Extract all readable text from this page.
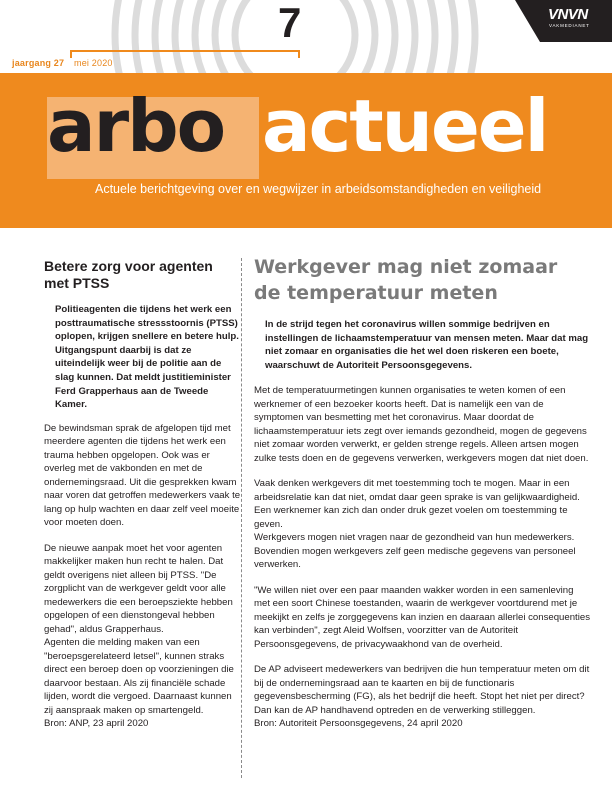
7
jaargang 27 mei 2020
arbo actueel
Actuele berichtgeving over en wegwijzer in arbeidsomstandigheden en veiligheid
VNVN
VAKMEDIANET
Betere zorg voor agenten met PTSS
Politieagenten die tijdens het werk een posttraumatische stressstoornis (PTSS) oplopen, krijgen snellere en betere hulp. Uitgangspunt daarbij is dat ze uiteindelijk weer bij de politie aan de slag kunnen. Dat meldt justitieminister Ferd Grapperhaus aan de Tweede Kamer.
De bewindsman sprak de afgelopen tijd met meerdere agenten die tijdens het werk een trauma hebben opgelopen. Ook was er overleg met de vakbonden en met de ondernemingsraad. Uit die gesprekken kwam naar voren dat getroffen medewerkers vaak te lang op hulp wachten en daar zelf veel moeite voor moeten doen.
De nieuwe aanpak moet het voor agenten makkelijker maken hun recht te halen. Dat geldt overigens niet alleen bij PTSS. "De zorgplicht van de werkgever geldt voor alle medewerkers die een beroepsziekte hebben opgelopen of een dienstongeval hebben gehad", aldus Grapperhaus.
Agenten die melding maken van een "beroepsgerelateerd letsel", kunnen straks direct een beroep doen op voorzieningen die daarvoor bestaan. Als zij financiële schade lijden, wordt die vergoed. Daarnaast kunnen zij aanspraak maken op smartengeld.
Bron: ANP, 23 april 2020
Werkgever mag niet zomaar de temperatuur meten
In de strijd tegen het coronavirus willen sommige bedrijven en instellingen de lichaamstemperatuur van mensen meten. Maar dat mag niet zomaar en organisaties die het wel doen riskeren een boete, waarschuwt de Autoriteit Persoonsgegevens.
Met de temperatuurmetingen kunnen organisaties te weten komen of een werknemer of een bezoeker koorts heeft. Dat is namelijk een van de symptomen van besmetting met het coronavirus. Maar doordat de lichaamstemperatuur iets zegt over iemands gezondheid, mogen de gegevens niet zomaar worden verwerkt, er gelden strenge regels. Alleen artsen mogen zulke tests doen en de gegevens verwerken, werkgevers mogen dat niet doen.
Vaak denken werkgevers dit met toestemming toch te mogen. Maar in een arbeidsrelatie kan dat niet, omdat daar geen sprake is van gelijkwaardigheid. Een werknemer kan zich dan onder druk gezet voelen om toestemming te geven.
Werkgevers mogen niet vragen naar de gezondheid van hun medewerkers. Bovendien mogen werkgevers zelf geen medische gegevens van personeel verwerken.
"We willen niet over een paar maanden wakker worden in een samenleving met een soort Chinese toestanden, waarin de werkgever voortdurend met je meekijkt en zelfs je zorggegevens kan inzien en daaraan allerlei consequenties kan verbinden", zegt Aleid Wolfsen, voorzitter van de Autoriteit Persoonsgegevens, de privacywaakhond van de overheid.
De AP adviseert medewerkers van bedrijven die hun temperatuur meten om dit bij de ondernemingsraad aan te kaarten en bij de functionaris gegevensbescherming (FG), als het bedrijf die heeft. Stopt het niet per direct? Dan kan de AP handhavend optreden en de verwerking stilleggen.
Bron: Autoriteit Persoonsgegevens, 24 april 2020
